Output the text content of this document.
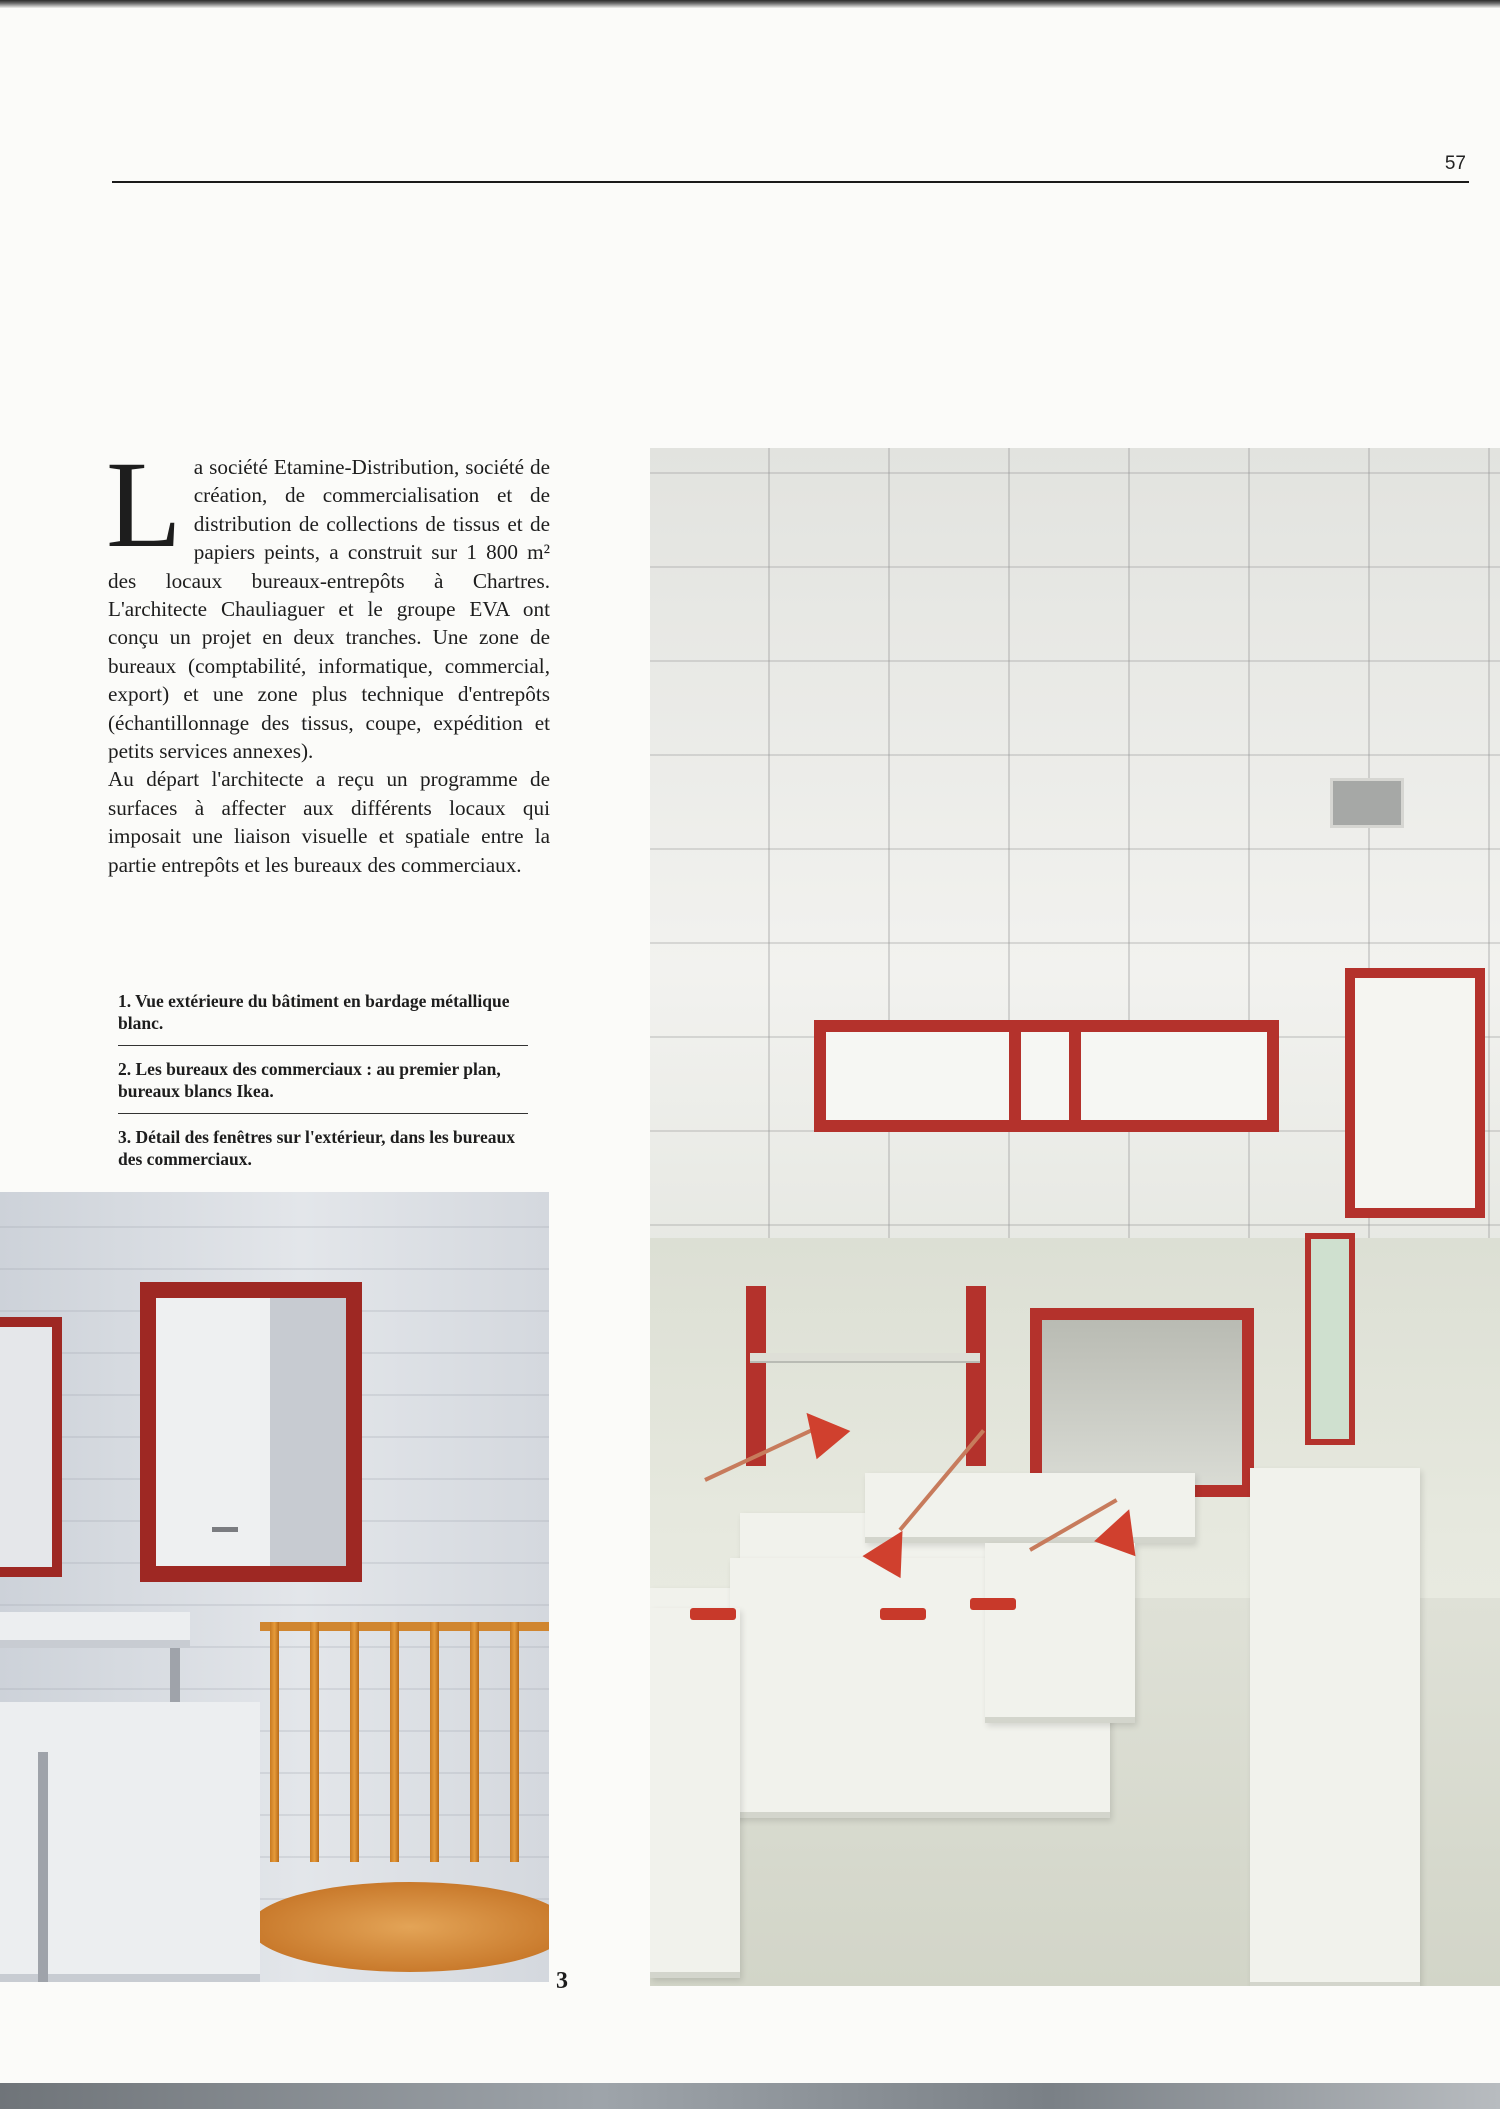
57
L a société Etamine-Distribution, société de création, de commercialisation et de distribution de collections de tissus et de papiers peints, a construit sur 1 800 m² des locaux bureaux-entrepôts à Chartres. L'architecte Chauliaguer et le groupe EVA ont conçu un projet en deux tranches. Une zone de bureaux (comptabilité, informatique, commercial, export) et une zone plus technique d'entrepôts (échantillonnage des tissus, coupe, expédition et petits services annexes).

Au départ l'architecte a reçu un programme de surfaces à affecter aux différents locaux qui imposait une liaison visuelle et spatiale entre la partie entrepôts et les bureaux des commerciaux.

1. Vue extérieure du bâtiment en bardage métallique blanc.
2. Les bureaux des commerciaux : au premier plan, bureaux blancs Ikea.
3. Détail des fenêtres sur l'extérieur, dans les bureaux des commerciaux.
3
